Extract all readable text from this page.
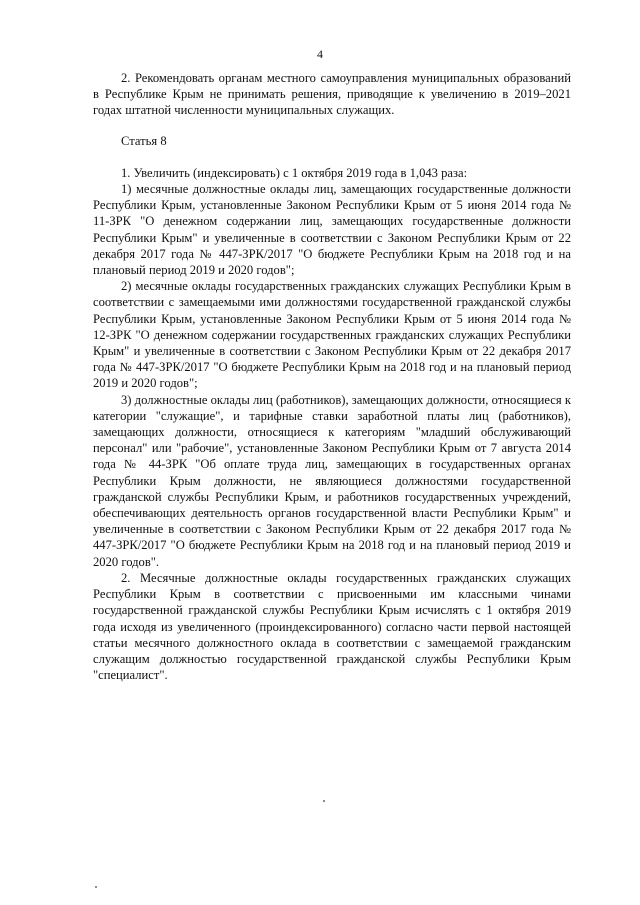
4

2. Рекомендовать органам местного самоуправления муниципальных образований в Республике Крым не принимать решения, приводящие к увеличению в 2019–2021 годах штатной численности муниципальных служащих.

Статья 8

1. Увеличить (индексировать) с 1 октября 2019 года в 1,043 раза:

1) месячные должностные оклады лиц, замещающих государственные должности Республики Крым, установленные Законом Республики Крым от 5 июня 2014 года № 11-ЗРК "О денежном содержании лиц, замещающих государственные должности Республики Крым" и увеличенные в соответствии с Законом Республики Крым от 22 декабря 2017 года № 447-ЗРК/2017 "О бюджете Республики Крым на 2018 год и на плановый период 2019 и 2020 годов";

2) месячные оклады государственных гражданских служащих Республики Крым в соответствии с замещаемыми ими должностями государственной гражданской службы Республики Крым, установленные Законом Республики Крым от 5 июня 2014 года № 12-ЗРК "О денежном содержании государственных гражданских служащих Республики Крым" и увеличенные в соответствии с Законом Республики Крым от 22 декабря 2017 года № 447-ЗРК/2017 "О бюджете Республики Крым на 2018 год и на плановый период 2019 и 2020 годов";

3) должностные оклады лиц (работников), замещающих должности, относящиеся к категории "служащие", и тарифные ставки заработной платы лиц (работников), замещающих должности, относящиеся к категориям "младший обслуживающий персонал" или "рабочие", установленные Законом Республики Крым от 7 августа 2014 года № 44-ЗРК "Об оплате труда лиц, замещающих в государственных органах Республики Крым должности, не являющиеся должностями государственной гражданской службы Республики Крым, и работников государственных учреждений, обеспечивающих деятельность органов государственной власти Республики Крым" и увеличенные в соответствии с Законом Республики Крым от 22 декабря 2017 года № 447-ЗРК/2017 "О бюджете Республики Крым на 2018 год и на плановый период 2019 и 2020 годов".

2. Месячные должностные оклады государственных гражданских служащих Республики Крым в соответствии с присвоенными им классными чинами государственной гражданской службы Республики Крым исчислять с 1 октября 2019 года исходя из увеличенного (проиндексированного) согласно части первой настоящей статьи месячного должностного оклада в соответствии с замещаемой гражданским служащим должностью государственной гражданской службы Республики Крым "специалист".
